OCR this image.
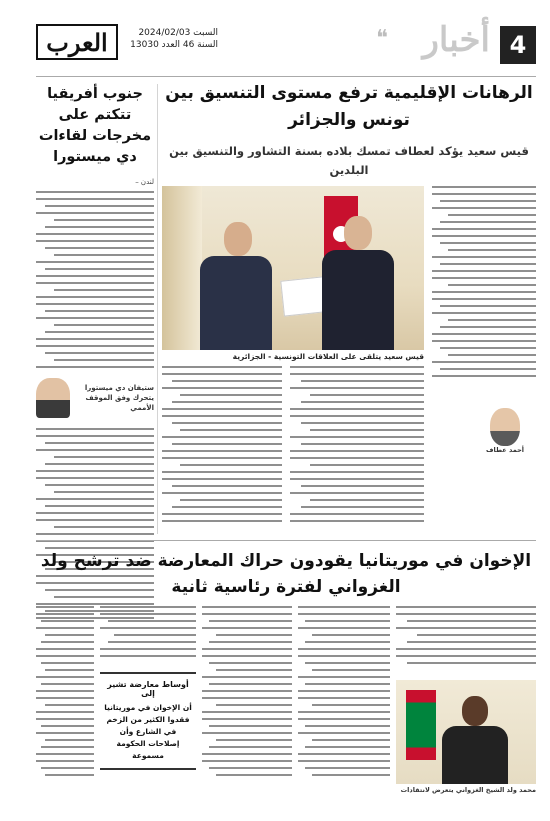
العرب	السبت 2024/02/03
السنة 46 العدد 13030	❝ أخبار 4
جنوب أفريقيا تتكتم على مخرجات لقاءات دي ميستورا
لندن –
ستيفان دي ميستورا يتحرك وفق الموقف الأممي
الرهانات الإقليمية ترفع مستوى التنسيق بين تونس والجزائر
قيس سعيد يؤكد لعطاف تمسك بلاده بسنة التشاور والتنسيق بين البلدين
قيس سعيد يتلقى على العلاقات التونسية - الجزائرية
أحمد عطاف
الإخوان في موريتانيا يقودون حراك المعارضة ضد ترشح ولد الغزواني لفترة رئاسية ثانية
أوساط معارضة تشير إلى
أن الإخوان في موريتانيا فقدوا الكثير من الزخم في الشارع وأن إصلاحات الحكومة مسموعة
محمد ولد الشيخ الغزواني يتعرض لانتقادات
